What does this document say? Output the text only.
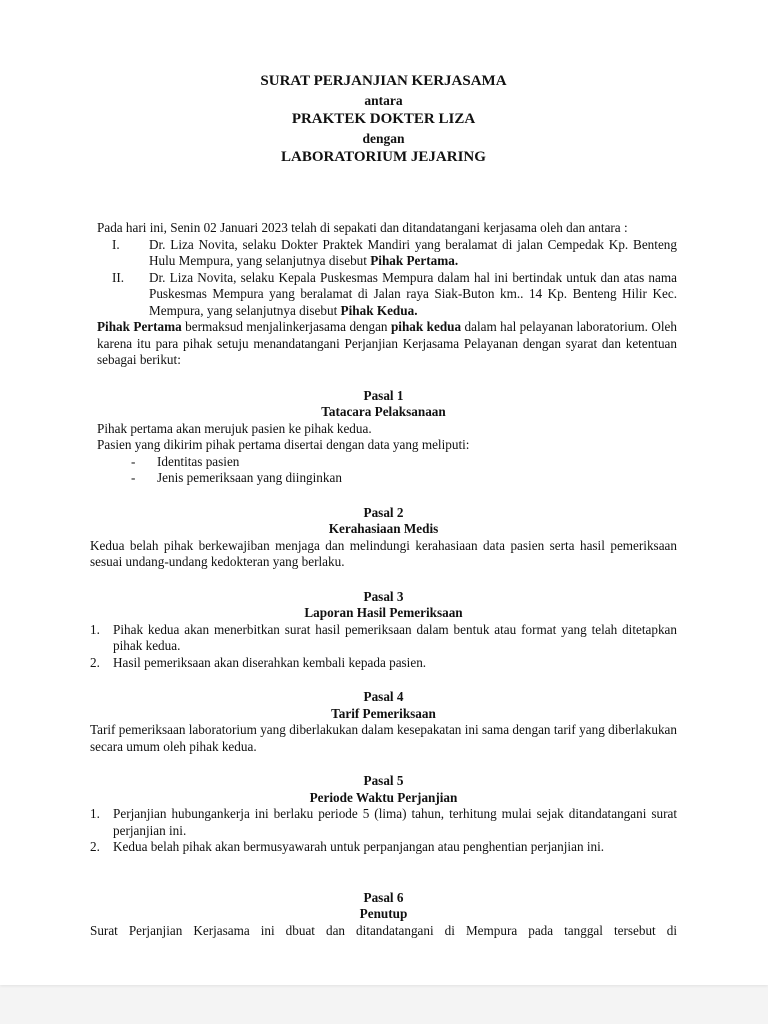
SURAT PERJANJIAN KERJASAMA
antara
PRAKTEK DOKTER LIZA
dengan
LABORATORIUM JEJARING
Pada hari ini, Senin 02 Januari 2023 telah di sepakati dan ditandatangani kerjasama oleh dan antara :
I.	Dr. Liza Novita, selaku Dokter Praktek Mandiri yang beralamat di jalan Cempedak Kp. Benteng Hulu Mempura, yang selanjutnya disebut Pihak Pertama.
II.	Dr. Liza Novita, selaku Kepala Puskesmas Mempura dalam hal ini bertindak untuk dan atas nama Puskesmas Mempura yang beralamat di Jalan raya Siak-Buton km.. 14 Kp. Benteng Hilir Kec. Mempura, yang selanjutnya disebut Pihak Kedua.
Pihak Pertama bermaksud menjalinkerjasama dengan pihak kedua dalam hal pelayanan laboratorium. Oleh karena itu para pihak setuju menandatangani Perjanjian Kerjasama Pelayanan dengan syarat dan ketentuan sebagai berikut:
Pasal 1
Tatacara Pelaksanaan
Pihak pertama akan merujuk pasien ke pihak kedua.
Pasien yang dikirim pihak pertama disertai dengan data yang meliputi:
-	Identitas pasien
-	Jenis pemeriksaan yang diinginkan
Pasal 2
Kerahasiaan Medis
Kedua belah pihak berkewajiban menjaga dan melindungi kerahasiaan data pasien serta hasil pemeriksaan sesuai undang-undang kedokteran yang berlaku.
Pasal 3
Laporan Hasil Pemeriksaan
1. Pihak kedua akan menerbitkan surat hasil pemeriksaan dalam bentuk atau format yang telah ditetapkan pihak kedua.
2. Hasil pemeriksaan akan diserahkan kembali kepada pasien.
Pasal 4
Tarif Pemeriksaan
Tarif pemeriksaan laboratorium yang diberlakukan dalam kesepakatan ini sama dengan tarif yang diberlakukan secara umum oleh pihak kedua.
Pasal 5
Periode Waktu Perjanjian
1. Perjanjian hubungankerja ini berlaku periode 5 (lima) tahun, terhitung mulai sejak ditandatangani surat perjanjian ini.
2. Kedua belah pihak akan bermusyawarah untuk perpanjangan atau penghentian perjanjian ini.
Pasal 6
Penutup
Surat Perjanjian Kerjasama ini dbuat dan ditandatangani di Mempura pada tanggal tersebut di
